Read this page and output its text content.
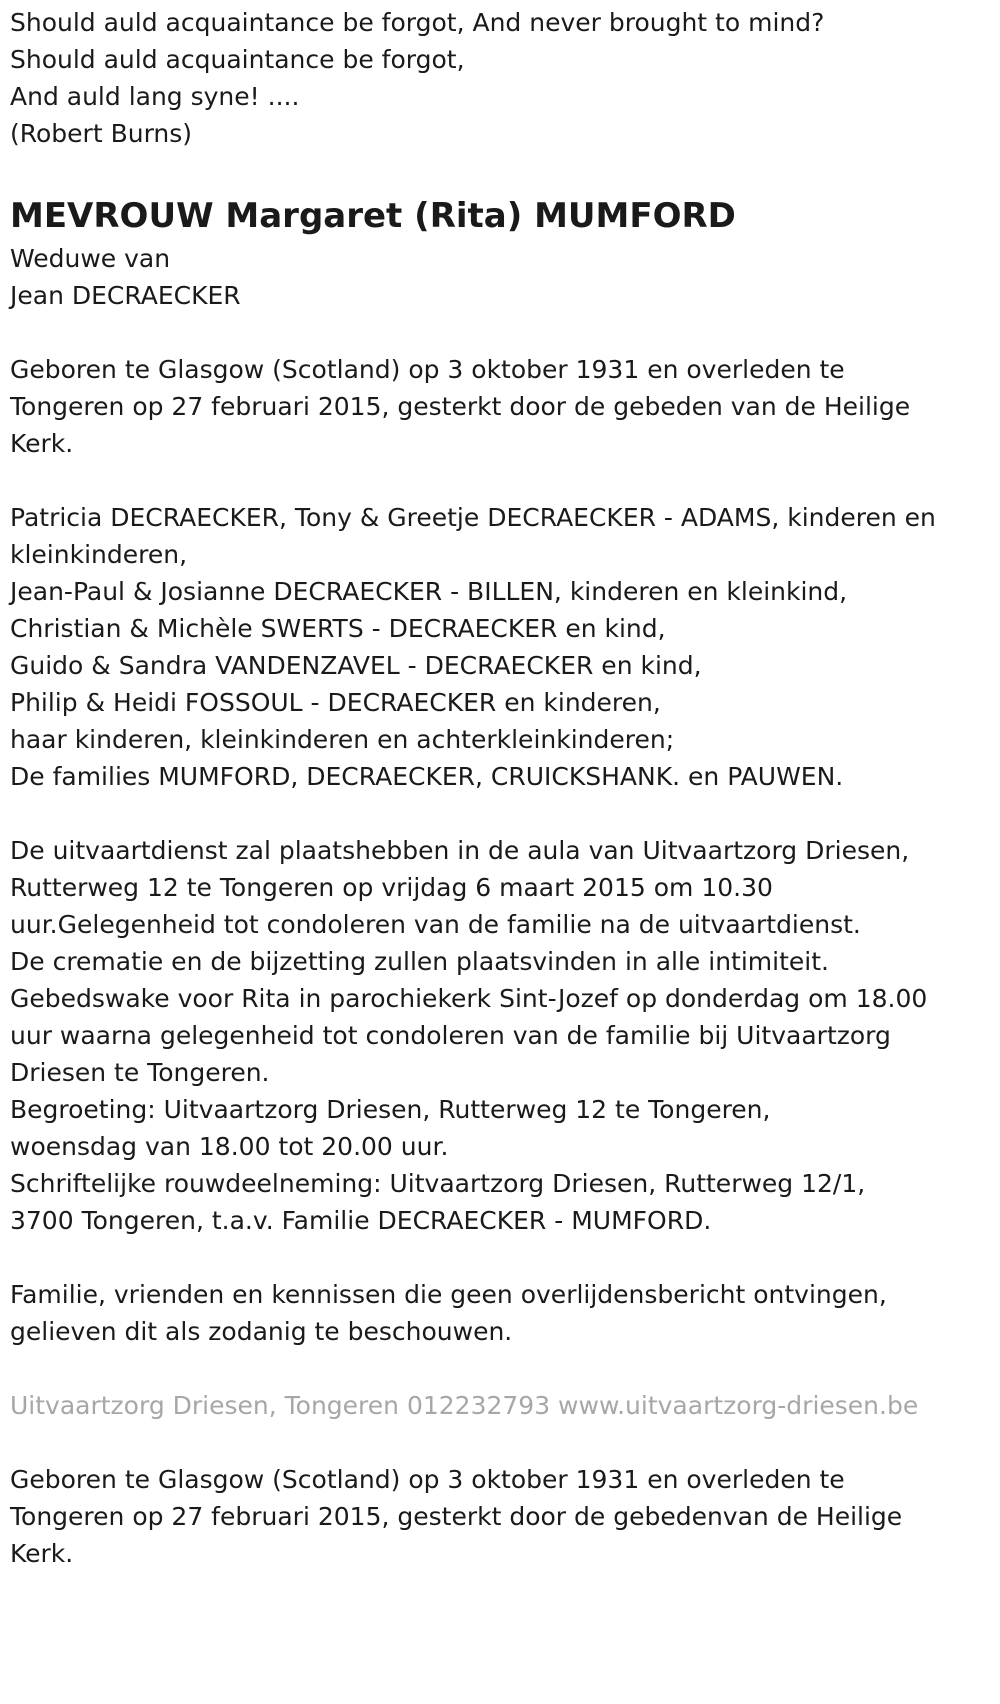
Should auld acquaintance be forgot, And never brought to mind?

Should auld acquaintance be forgot,

And auld lang syne! ....

(Robert Burns)

MEVROUW Margaret (Rita) MUMFORD

Weduwe van

Jean DECRAECKER

Geboren te Glasgow (Scotland) op 3 oktober 1931 en overleden te

Tongeren op 27 februari 2015, gesterkt door de gebeden van de Heilige

Kerk.

Patricia DECRAECKER, Tony & Greetje DECRAECKER - ADAMS, kinderen en

kleinkinderen,

Jean-Paul & Josianne DECRAECKER - BILLEN, kinderen en kleinkind,

Christian & Michèle SWERTS - DECRAECKER en kind,

Guido & Sandra VANDENZAVEL - DECRAECKER en kind,

Philip & Heidi FOSSOUL - DECRAECKER en kinderen,

haar kinderen, kleinkinderen en achterkleinkinderen;

De families MUMFORD, DECRAECKER, CRUICKSHANK. en PAUWEN.

De uitvaartdienst zal plaatshebben in de aula van Uitvaartzorg Driesen,

Rutterweg 12 te Tongeren op vrijdag 6 maart 2015 om 10.30

uur.Gelegenheid tot condoleren van de familie na de uitvaartdienst.

De crematie en de bijzetting zullen plaatsvinden in alle intimiteit.

Gebedswake voor Rita in parochiekerk Sint-Jozef op donderdag om 18.00

uur waarna gelegenheid tot condoleren van de familie bij Uitvaartzorg

Driesen te Tongeren.

Begroeting: Uitvaartzorg Driesen, Rutterweg 12 te Tongeren,

woensdag van 18.00 tot 20.00 uur.

Schriftelijke rouwdeelneming: Uitvaartzorg Driesen, Rutterweg 12/1,

3700 Tongeren, t.a.v. Familie DECRAECKER - MUMFORD.

Familie, vrienden en kennissen die geen overlijdensbericht ontvingen,

gelieven dit als zodanig te beschouwen.

Uitvaartzorg Driesen, Tongeren 012232793 www.uitvaartzorg-driesen.be

Geboren te Glasgow (Scotland) op 3 oktober 1931 en overleden te

Tongeren op 27 februari 2015, gesterkt door de gebedenvan de Heilige

Kerk.
